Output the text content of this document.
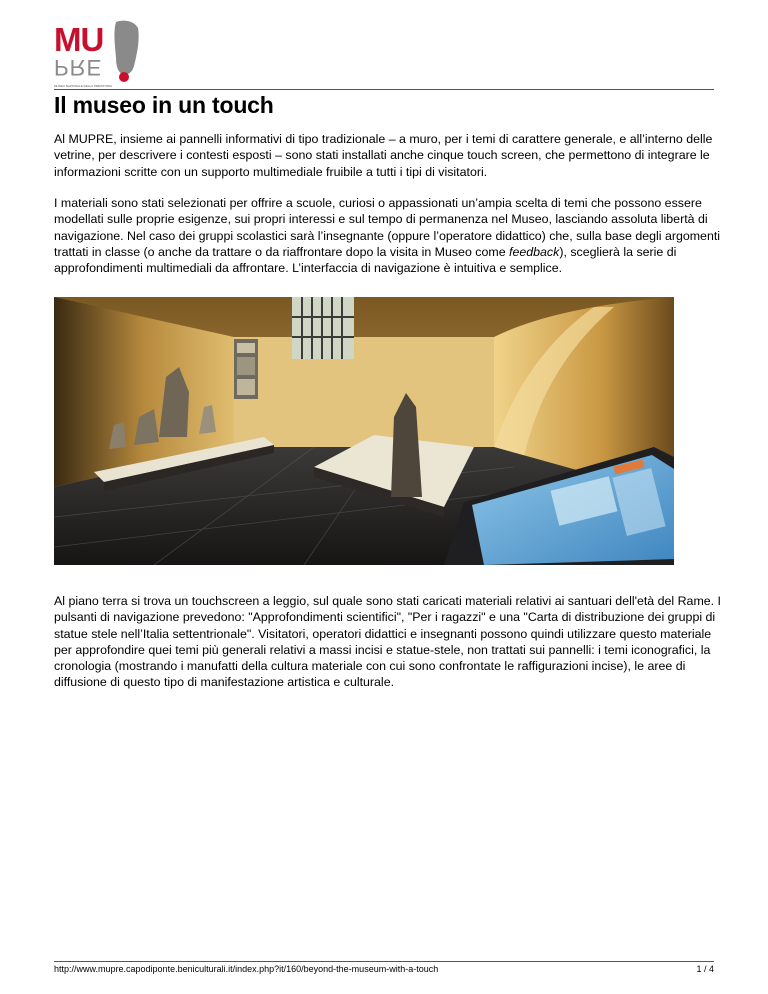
MU
PRE
MUSEO NAZIONALE DELLA PREISTORIA
Il museo in un touch

Al MUPRE, insieme ai pannelli informativi di tipo tradizionale – a muro, per i temi di carattere generale, e all’interno delle vetrine, per descrivere i contesti esposti – sono stati installati anche cinque touch screen, che permettono di integrare le informazioni scritte con un supporto multimediale fruibile a tutti i tipi di visitatori.

I materiali sono stati selezionati per offrire a scuole, curiosi o appassionati un’ampia scelta di temi che possono essere modellati sulle proprie esigenze, sui propri interessi e sul tempo di permanenza nel Museo, lasciando assoluta libertà di navigazione. Nel caso dei gruppi scolastici sarà l’insegnante (oppure l’operatore didattico) che, sulla base degli argomenti trattati in classe (o anche da trattare o da riaffrontare dopo la visita in Museo come feedback), sceglierà la serie di approfondimenti multimediali da affrontare. L’interfaccia di navigazione è intuitiva e semplice.

Al piano terra si trova un touchscreen a leggio, sul quale sono stati caricati materiali relativi ai santuari dell'età del Rame. I pulsanti di navigazione prevedono: "Approfondimenti scientifici", "Per i ragazzi" e una "Carta di distribuzione dei gruppi di statue stele nell’Italia settentrionale". Visitatori, operatori didattici e insegnanti possono quindi utilizzare questo materiale per approfondire quei temi più generali relativi a massi incisi e statue-stele, non trattati sui pannelli: i temi iconografici, la cronologia (mostrando i manufatti della cultura materiale con cui sono confrontate le raffigurazioni incise), le aree di diffusione di questo tipo di manifestazione artistica e culturale.

http://www.mupre.capodiponte.beniculturali.it/index.php?it/160/beyond-the-museum-with-a-touch	1 / 4
